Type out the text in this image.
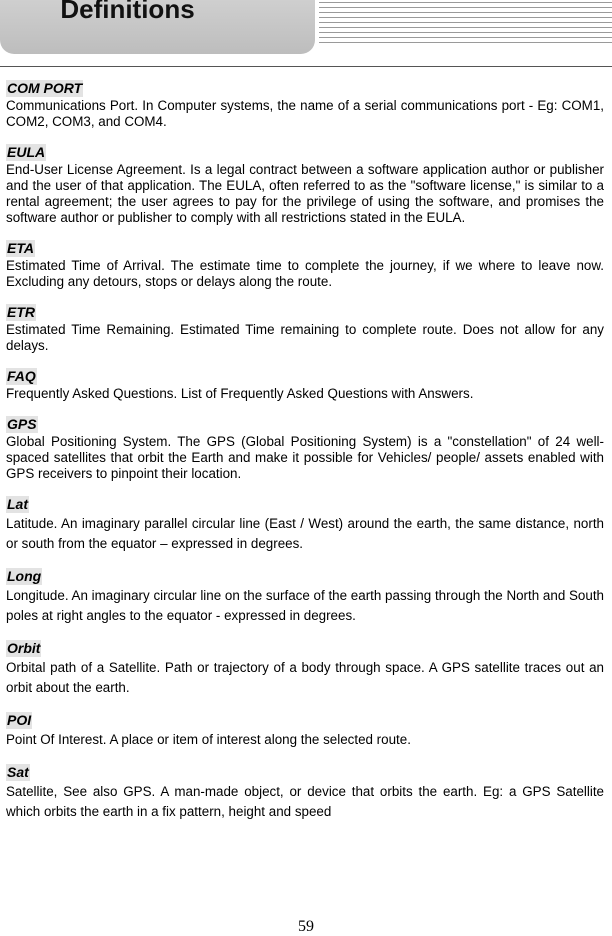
Definitions
COM PORT

Communications Port. In Computer systems, the name of a serial communications port - Eg: COM1, COM2, COM3, and COM4.

EULA

End-User License Agreement. Is a legal contract between a software application author or publisher and the user of that application. The EULA, often referred to as the "software license," is similar to a rental agreement; the user agrees to pay for the privilege of using the software, and promises the software author or publisher to comply with all restrictions stated in the EULA.

ETA

Estimated Time of Arrival. The estimate time to complete the journey, if we where to leave now. Excluding any detours, stops or delays along the route.

ETR

Estimated Time Remaining. Estimated Time remaining to complete route. Does not allow for any delays.

FAQ

Frequently Asked Questions. List of Frequently Asked Questions with Answers.

GPS

Global Positioning System. The GPS (Global Positioning System) is a "constellation" of 24 well-spaced satellites that orbit the Earth and make it possible for Vehicles/ people/ assets enabled with GPS receivers to pinpoint their location.

Lat

Latitude. An imaginary parallel circular line (East / West) around the earth, the same distance, north or south from the equator – expressed in degrees.

Long

Longitude. An imaginary circular line on the surface of the earth passing through the North and South poles at right angles to the equator - expressed in degrees.

Orbit

Orbital path of a Satellite. Path or trajectory of a body through space. A GPS satellite traces out an orbit about the earth.

POI

Point Of Interest. A place or item of interest along the selected route.

Sat

Satellite, See also GPS. A man-made object, or device that orbits the earth. Eg: a GPS Satellite which orbits the earth in a fix pattern, height and speed

59
